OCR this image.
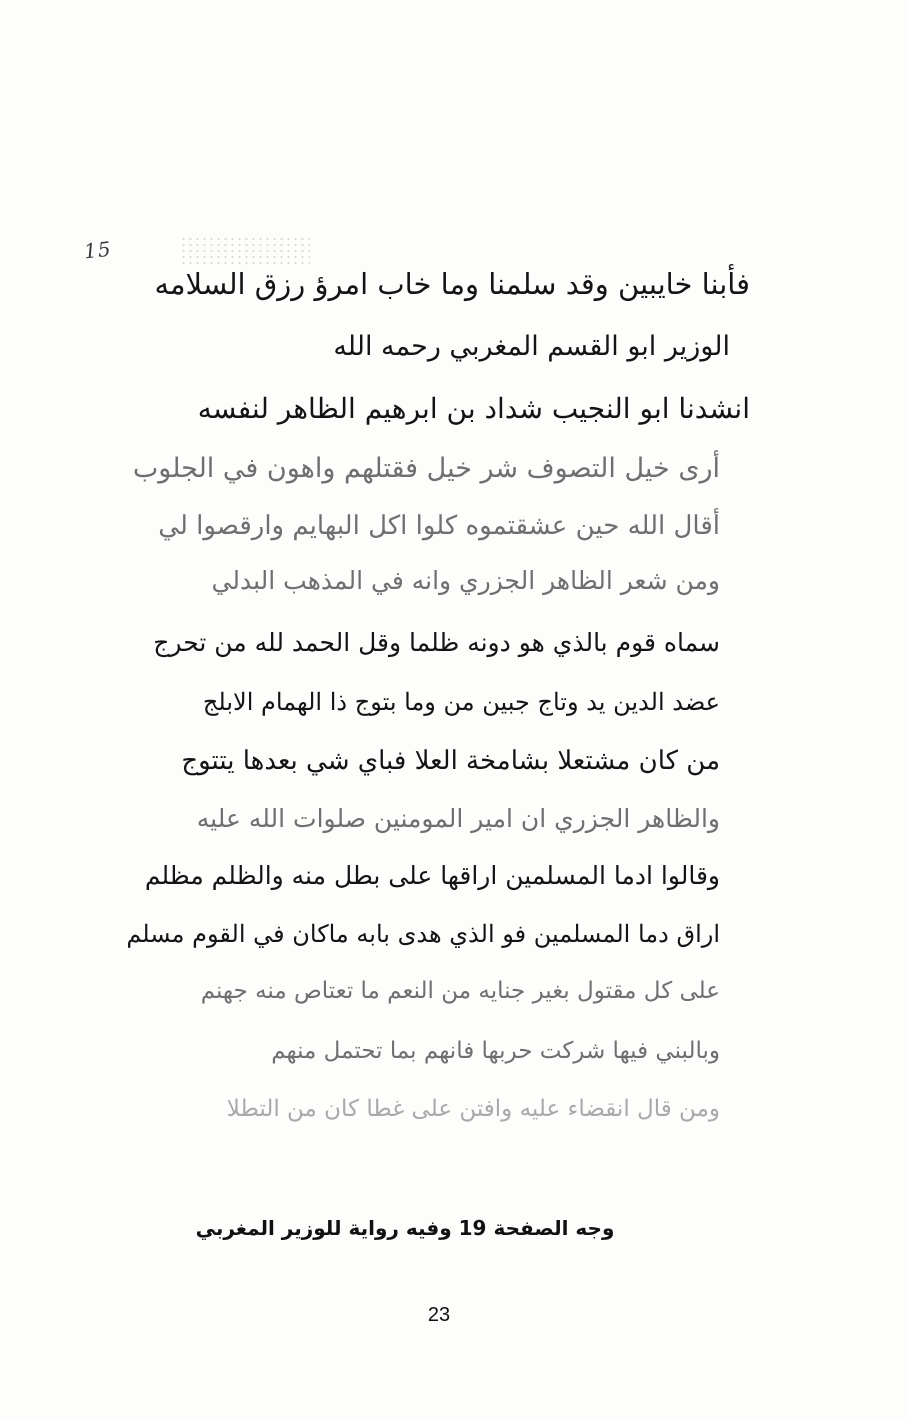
15
فأبنا خايبين وقد سلمنا وما خاب امرؤ رزق السلامه
الوزير ابو القسم المغربي رحمه الله
انشدنا ابو النجيب شداد بن ابرهيم الظاهر لنفسه
أرى خيل التصوف شر خيل فقتلهم واهون في الجلوب
أقال الله حين عشقتموه كلوا اكل البهايم وارقصوا لي
ومن شعر الظاهر الجزري وانه في المذهب البدلي
سماه قوم بالذي هو دونه ظلما وقل الحمد لله من تحرج
عضد الدين يد وتاج جبين من وما بتوج ذا الهمام الابلج
من كان مشتعلا بشامخة العلا فباي شي بعدها يتتوج
والظاهر الجزري ان امير المومنين صلوات الله عليه
وقالوا ادما المسلمين اراقها على بطل منه والظلم مظلم
اراق دما المسلمين فو الذي هدى بابه ماكان في القوم مسلم
على كل مقتول بغير جنايه من النعم ما تعتاص منه جهنم
وبالبني فيها شركت حربها فانهم بما تحتمل منهم
ومن قال انقضاء عليه وافتن على غطا كان من التطلا
وجه الصفحة 19 وفيه رواية للوزير المغربي
23
